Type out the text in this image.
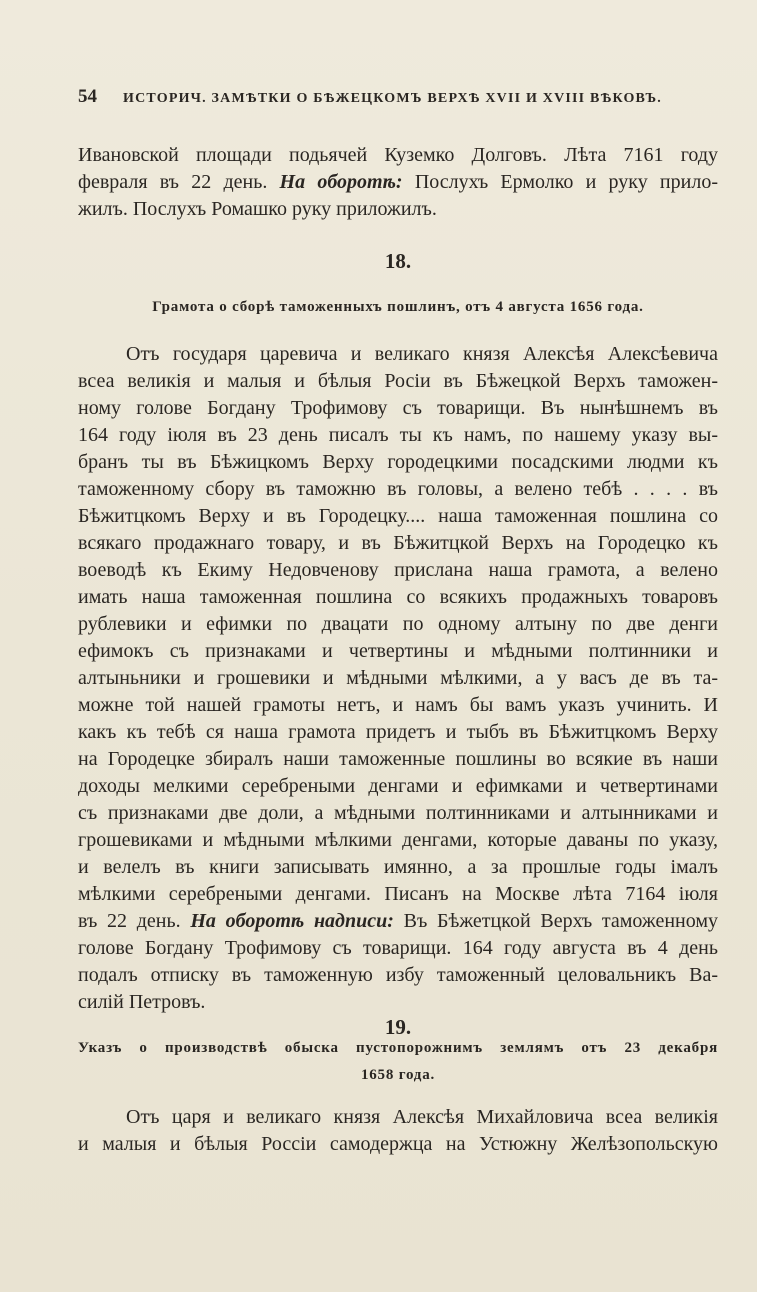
54 ИСТОРИЧ. ЗАМѢТКИ О БѢЖЕЦКОМЪ ВЕРХѢ XVII И XVIII ВѢКОВЪ.
Ивановской площади подьячей Куземко Долговъ. Лѣта 7161 году
февраля въ 22 день. На оборотѣ: Послухъ Ермолко и руку прило-
жилъ. Послухъ Ромашко руку приложилъ.
18.
Грамота о сборѣ таможенныхъ пошлинъ, отъ 4 августа 1656 года.
Отъ государя царевича и великаго князя Алексѣя Алексѣевича
всеа великія и малыя и бѣлыя Росіи въ Бѣжецкой Верхъ таможен-
ному голове Богдану Трофимову съ товарищи. Въ нынѣшнемъ въ
164 году іюля въ 23 день писалъ ты къ намъ, по нашему указу вы-
бранъ ты въ Бѣжицкомъ Верху городецкими посадскими людми къ
таможенному сбору въ таможню въ головы, а велено тебѣ . . . . въ
Бѣжитцкомъ Верху и въ Городецку.... наша таможенная пошлина со
всякаго продажнаго товару, и въ Бѣжитцкой Верхъ на Городецко къ
воеводѣ къ Екиму Недовченову прислана наша грамота, а велено
имать наша таможенная пошлина со всякихъ продажныхъ товаровъ
рублевики и ефимки по двацати по одному алтыну по две денги
ефимокъ съ признаками и четвертины и мѣдными полтинники и
алтыньники и грошевики и мѣдными мѣлкими, а у васъ де въ та-
можне той нашей грамоты нетъ, и намъ бы вамъ указъ учинить. И
какъ къ тебѣ ся наша грамота придетъ и тыбъ въ Бѣжитцкомъ Верху
на Городецке збиралъ наши таможенные пошлины во всякие въ наши
доходы мелкими серебреными денгами и ефимками и четвертинами
съ признаками две доли, а мѣдными полтинниками и алтынниками и
грошевиками и мѣдными мѣлкими денгами, которые даваны по указу,
и велелъ въ книги записывать имянно, а за прошлые годы імалъ
мѣлкими серебреными денгами. Писанъ на Москве лѣта 7164 іюля
въ 22 день. На оборотѣ надписи: Въ Бѣжетцкой Верхъ таможенному
голове Богдану Трофимову съ товарищи. 164 году августа въ 4 день
подалъ отписку въ таможенную избу таможенный целовальникъ Ва-
силій Петровъ.
19.
Указъ о производствѣ обыска пустопорожнимъ землямъ отъ 23 декабря
1658 года.
Отъ царя и великаго князя Алексѣя Михайловича всеа великія
и малыя и бѣлыя Россіи самодержца на Устюжну Желѣзопольскую
